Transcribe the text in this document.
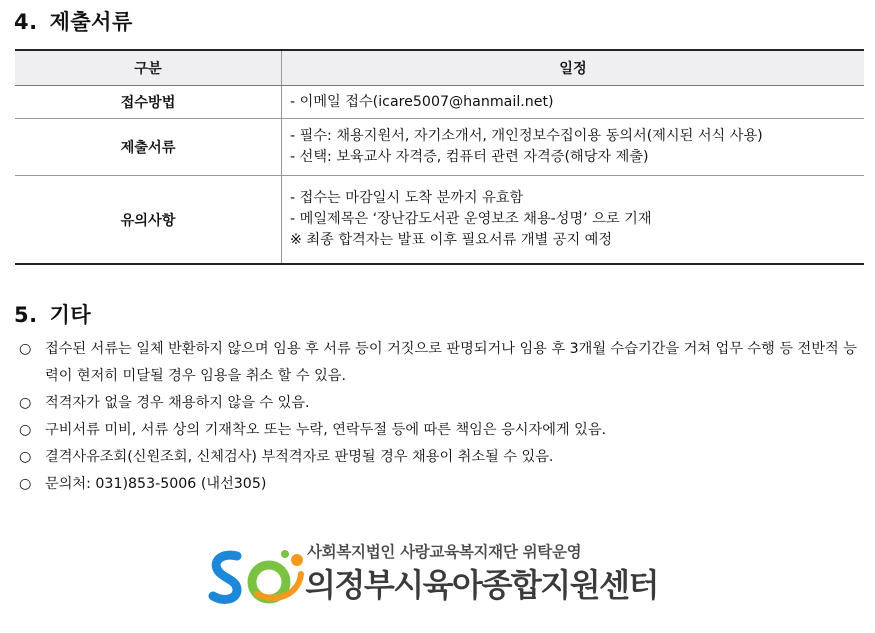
4. 제출서류
구분	일정
접수방법	- 이메일 접수(icare5007@hanmail.net)

제출서류	- 필수: 채용지원서, 자기소개서, 개인정보수집이용 동의서(제시된 서식 사용)
- 선택: 보육교사 자격증, 컴퓨터 관련 자격증(해당자 제출)

유의사항	- 접수는 마감일시 도착 분까지 유효함
- 메일제목은 ‘장난감도서관 운영보조 채용-성명’ 으로 기재
※ 최종 합격자는 발표 이후 필요서류 개별 공지 예정
5. 기타
○ 접수된 서류는 일체 반환하지 않으며 임용 후 서류 등이 거짓으로 판명되거나 임용 후 3개월 수습기간을 거쳐 업무 수행 등 전반적 능력이 현저히 미달될 경우 임용을 취소 할 수 있음.
○ 적격자가 없을 경우 채용하지 않을 수 있음.
○ 구비서류 미비, 서류 상의 기재착오 또는 누락, 연락두절 등에 따른 책임은 응시자에게 있음.
○ 결격사유조회(신원조회, 신체검사) 부적격자로 판명될 경우 채용이 취소될 수 있음.
○ 문의처: 031)853-5006 (내선305)
사회복지법인 사랑교육복지재단 위탁운영
의정부시육아종합지원센터
